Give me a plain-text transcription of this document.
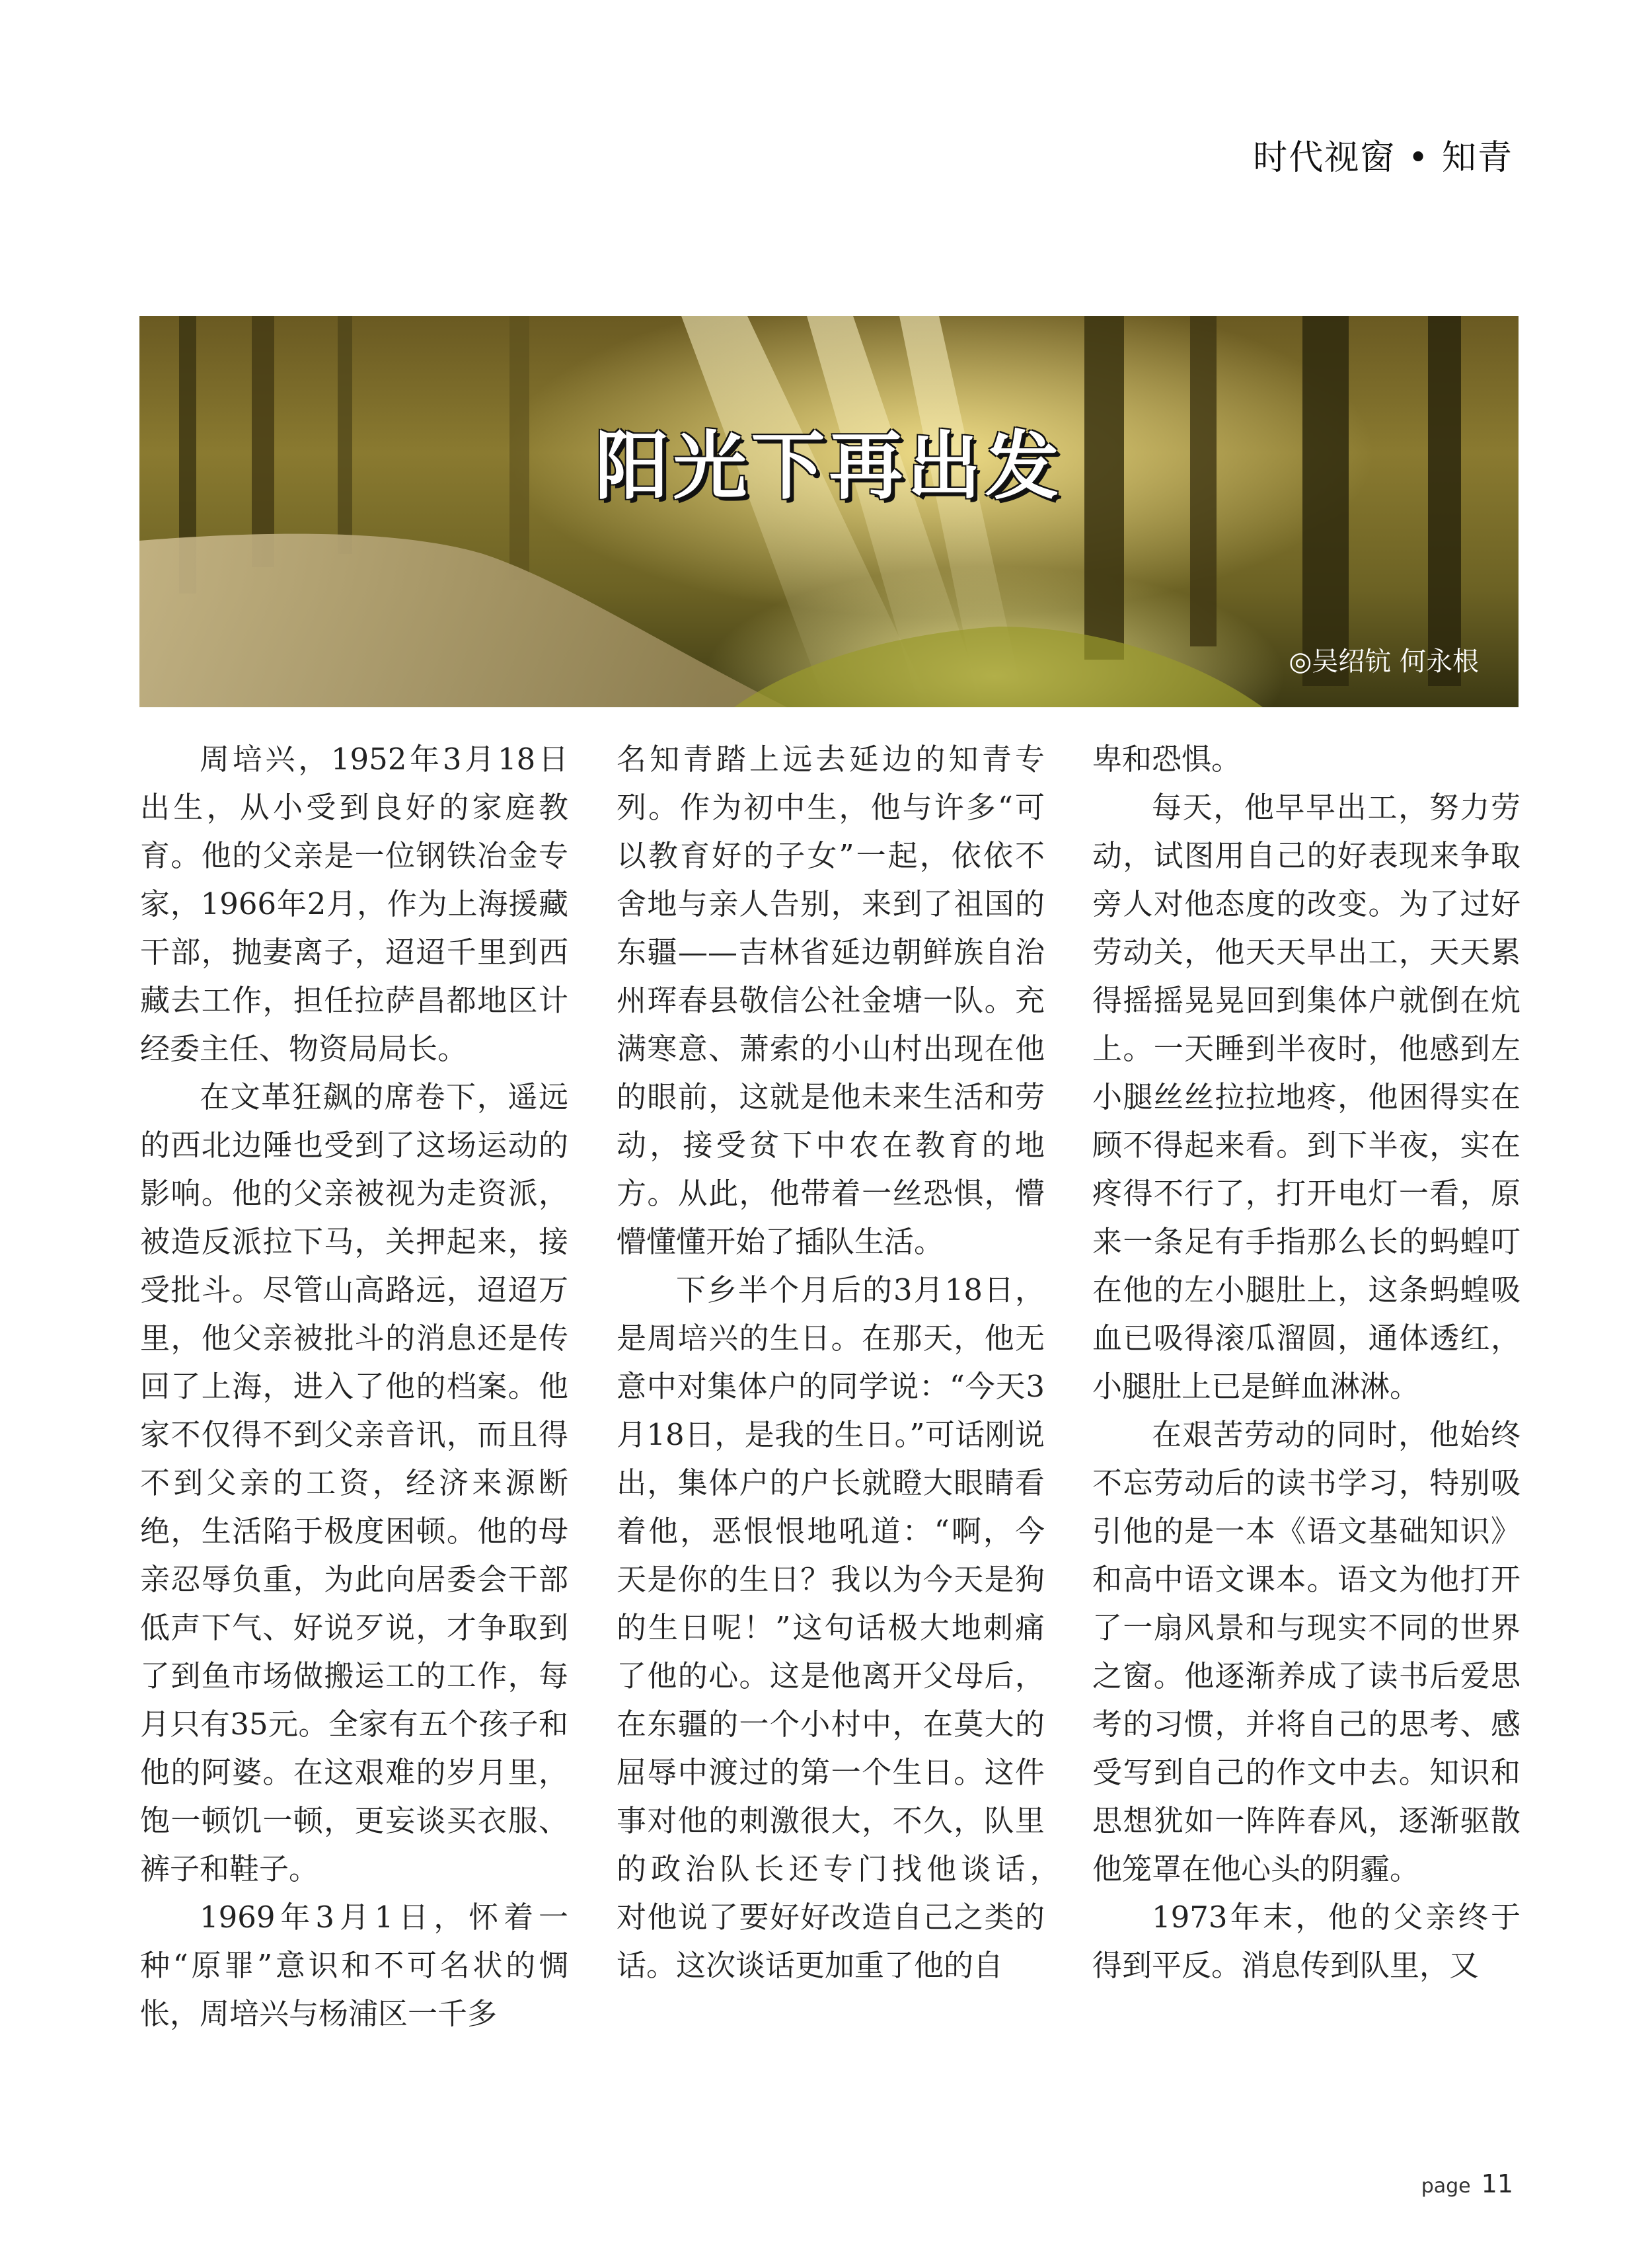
时代视窗 • 知青
阳光下再出发
◎吴绍钪 何永根

周培兴，1952年3月18日出生，从小受到良好的家庭教育。他的父亲是一位钢铁冶金专家，1966年2月，作为上海援藏干部，抛妻离子，迢迢千里到西藏去工作，担任拉萨昌都地区计经委主任、物资局局长。

在文革狂飙的席卷下，遥远的西北边陲也受到了这场运动的影响。他的父亲被视为走资派，被造反派拉下马，关押起来，接受批斗。尽管山高路远，迢迢万里，他父亲被批斗的消息还是传回了上海，进入了他的档案。他家不仅得不到父亲音讯，而且得不到父亲的工资，经济来源断绝，生活陷于极度困顿。他的母亲忍辱负重，为此向居委会干部低声下气、好说歹说，才争取到了到鱼市场做搬运工的工作，每月只有35元。全家有五个孩子和他的阿婆。在这艰难的岁月里，饱一顿饥一顿，更妄谈买衣服、裤子和鞋子。

1969年3月1日，怀着一种“原罪”意识和不可名状的惆怅，周培兴与杨浦区一千多

名知青踏上远去延边的知青专列。作为初中生，他与许多“可以教育好的子女”一起，依依不舍地与亲人告别，来到了祖国的东疆——吉林省延边朝鲜族自治州珲春县敬信公社金塘一队。充满寒意、萧索的小山村出现在他的眼前，这就是他未来生活和劳动，接受贫下中农在教育的地方。从此，他带着一丝恐惧，懵懵懂懂开始了插队生活。

下乡半个月后的3月18日，是周培兴的生日。在那天，他无意中对集体户的同学说：“今天3月18日，是我的生日。”可话刚说出，集体户的户长就瞪大眼睛看着他，恶恨恨地吼道：“啊，今天是你的生日？我以为今天是狗的生日呢！”这句话极大地刺痛了他的心。这是他离开父母后，在东疆的一个小村中，在莫大的屈辱中渡过的第一个生日。这件事对他的刺激很大，不久，队里的政治队长还专门找他谈话，　对他说了要好好改造自己之类的话。这次谈话更加重了他的自

卑和恐惧。

每天，他早早出工，努力劳动，试图用自己的好表现来争取旁人对他态度的改变。为了过好劳动关，他天天早出工，天天累得摇摇晃晃回到集体户就倒在炕上。一天睡到半夜时，他感到左小腿丝丝拉拉地疼，他困得实在顾不得起来看。到下半夜，实在疼得不行了，打开电灯一看，原来一条足有手指那么长的蚂蝗叮在他的左小腿肚上，这条蚂蝗吸血已吸得滚瓜溜圆，通体透红，小腿肚上已是鲜血淋淋。

在艰苦劳动的同时，他始终不忘劳动后的读书学习，特别吸引他的是一本《语文基础知识》和高中语文课本。语文为他打开了一扇风景和与现实不同的世界之窗。他逐渐养成了读书后爱思考的习惯，并将自己的思考、感受写到自己的作文中去。知识和思想犹如一阵阵春风，逐渐驱散他笼罩在他心头的阴霾。

1973年末，他的父亲终于得到平反。消息传到队里，又

page 11
